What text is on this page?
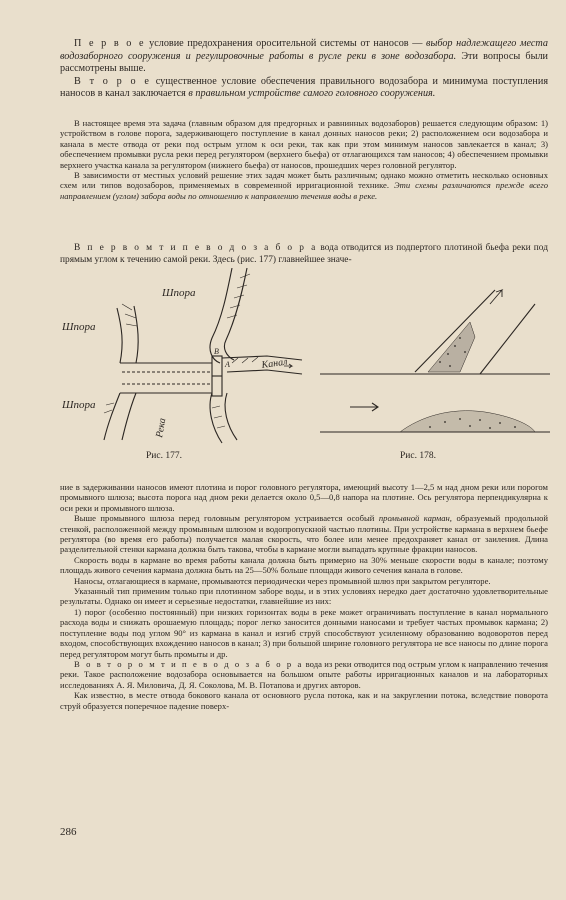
П е р в о е условие предохранения оросительной системы от наносов — выбор надлежащего места водозаборного сооружения и регулировочные работы в русле реки в зоне водозабора. Эти вопросы были рассмотрены выше.

В т о р о е существенное условие обеспечения правильного водозабора и минимума поступления наносов в канал заключается в правильном устройстве самого головного сооружения.

В настоящее время эта задача (главным образом для предгорных и равнинных водозаборов) решается следующим образом: 1) устройством в голове порога, задерживающего поступление в канал донных наносов реки; 2) расположением оси водозабора и канала в месте отвода от реки под острым углом к оси реки, так как при этом минимум наносов завлекается в канал; 3) обеспечением промывки русла реки перед регулятором (верхнего бьефа) от отлагающихся там наносов; 4) обеспечением промывки верхнего участка канала за регулятором (нижнего бьефа) от наносов, прошедших через головной регулятор.

В зависимости от местных условий решение этих задач может быть различным; однако можно отметить несколько основных схем или типов водозаборов, применяемых в современной ирригационной технике. Эти схемы различаются прежде всего направлением (углом) забора воды по отношению к направлению течения воды в реке.

В п е р в о м т и п е в о д о з а б о р а вода отводится из подпертого плотиной бьефа реки под прямым углом к течению самой реки. Здесь (рис. 177) главнейшее значе-

Шпора
Шпора
Шпора
Канал
Река
В
А
Рис. 177.	Рис. 178.

ние в задерживании наносов имеют плотина и порог головного регулятора, имеющий высоту 1—2,5 м над дном реки или порогом промывного шлюза; высота порога над дном реки делается около 0,5—0,8 напора на плотине. Ось регулятора перпендикулярна к оси реки и промывного шлюза.

Выше промывного шлюза перед головным регулятором устраивается особый промывной карман, образуемый продольной стенкой, расположенной между промывным шлюзом и водопропускной частью плотины. При устройстве кармана в верхнем бьефе регулятора (во время его работы) получается малая скорость, что более или менее предохраняет канал от заиления. Длина разделительной стенки кармана должна быть такова, чтобы в кармане могли выпадать крупные фракции наносов.

Скорость воды в кармане во время работы канала должна быть примерно на 30% меньше скорости воды в канале; поэтому площадь живого сечения кармана должна быть на 25—50% больше площади живого сечения канала в голове.

Наносы, отлагающиеся в кармане, промываются периодически через промывной шлюз при закрытом регуляторе.

Указанный тип применим только при плотинном заборе воды, и в этих условиях нередко дает достаточно удовлетворительные результаты. Однако он имеет и серьезные недостатки, главнейшие из них:

1) порог (особенно постоянный) при низких горизонтах воды в реке может ограничивать поступление в канал нормального расхода воды и снижать орошаемую площадь; порог легко заносится донными наносами и требует частых промывок кармана; 2) поступление воды под углом 90° из кармана в канал и изгиб струй способствуют усиленному образованию водоворотов перед входом, способствующих вхождению наносов в канал; 3) при большой ширине головного регулятора не все наносы по длине порога перед регулятором могут быть промыты и др.

В о в т о р о м т и п е в о д о з а б о р а вода из реки отводится под острым углом к направлению течения реки. Такое расположение водозабора основывается на большом опыте работы ирригационных каналов и на лабораторных исследованиях А. Я. Миловича, Д. Я. Соколова, М. В. Потапова и других авторов.

Как известно, в месте отвода бокового канала от основного русла потока, как и на закруглении потока, вследствие поворота струй образуется поперечное падение поверх-

286
